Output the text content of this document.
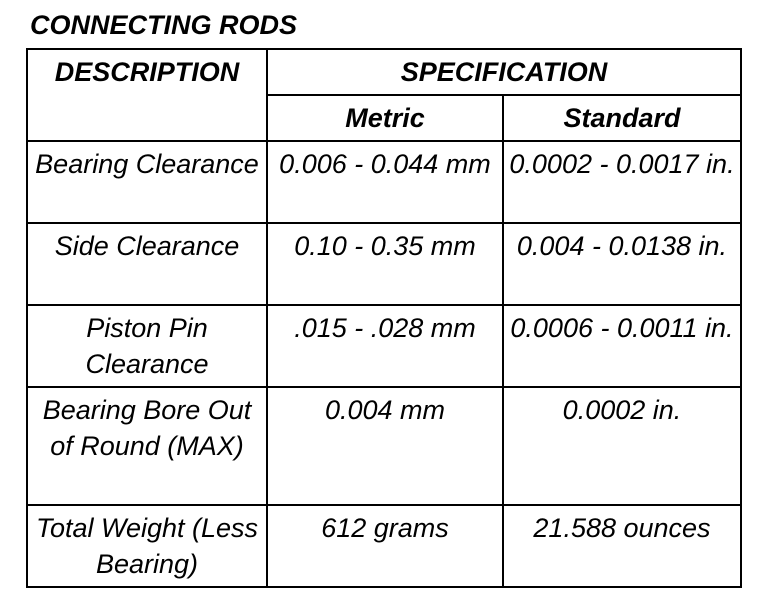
CONNECTING RODS
DESCRIPTION	SPECIFICATION	

	Metric	Standard

Bearing Clearance	0.006 - 0.044 mm	0.0002 - 0.0017 in.

Side Clearance	0.10 - 0.35 mm	0.004 - 0.0138 in.

Piston Pin Clearance	.015 - .028 mm	0.0006 - 0.0011 in.

Bearing Bore Out of Round (MAX)	0.004 mm	0.0002 in.

Total Weight (Less Bearing)	612 grams	21.588 ounces
